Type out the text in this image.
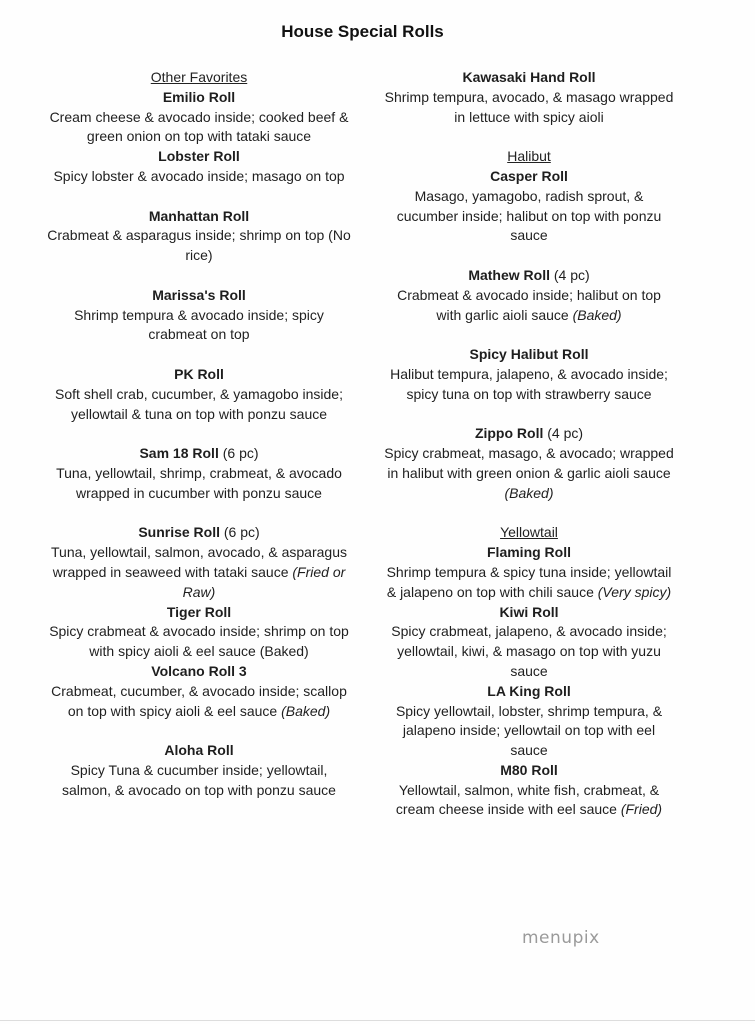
House Special Rolls
Other Favorites
Emilio Roll
Cream cheese & avocado inside; cooked beef & green onion on top with tataki sauce
Lobster Roll
Spicy lobster & avocado inside; masago on top
Manhattan Roll
Crabmeat & asparagus inside; shrimp on top (No rice)
Marissa's Roll
Shrimp tempura & avocado inside; spicy crabmeat on top
PK Roll
Soft shell crab, cucumber, & yamagobo inside; yellowtail & tuna on top with ponzu sauce
Sam 18 Roll (6 pc)
Tuna, yellowtail, shrimp, crabmeat, & avocado wrapped in cucumber with ponzu sauce
Sunrise Roll (6 pc)
Tuna, yellowtail, salmon, avocado, & asparagus wrapped in seaweed with tataki sauce (Fried or Raw)
Tiger Roll
Spicy crabmeat & avocado inside; shrimp on top with spicy aioli & eel sauce (Baked)
Volcano Roll 3
Crabmeat, cucumber, & avocado inside; scallop on top with spicy aioli & eel sauce (Baked)
Aloha Roll
Spicy Tuna & cucumber inside; yellowtail, salmon, & avocado on top with ponzu sauce
Kawasaki Hand Roll
Shrimp tempura, avocado, & masago wrapped in lettuce with spicy aioli
Halibut
Casper Roll
Masago, yamagobo, radish sprout, & cucumber inside; halibut on top with ponzu sauce
Mathew Roll (4 pc)
Crabmeat & avocado inside; halibut on top with garlic aioli sauce (Baked)
Spicy Halibut Roll
Halibut tempura, jalapeno, & avocado inside; spicy tuna on top with strawberry sauce
Zippo Roll (4 pc)
Spicy crabmeat, masago, & avocado; wrapped in halibut with green onion & garlic aioli sauce (Baked)
Yellowtail
Flaming Roll
Shrimp tempura & spicy tuna inside; yellowtail & jalapeno on top with chili sauce (Very spicy)
Kiwi Roll
Spicy crabmeat, jalapeno, & avocado inside; yellowtail, kiwi, & masago on top with yuzu sauce
LA King Roll
Spicy yellowtail, lobster, shrimp tempura, & jalapeno inside; yellowtail on top with eel sauce
M80 Roll
Yellowtail, salmon, white fish, crabmeat, & cream cheese inside with eel sauce (Fried)
menupix
